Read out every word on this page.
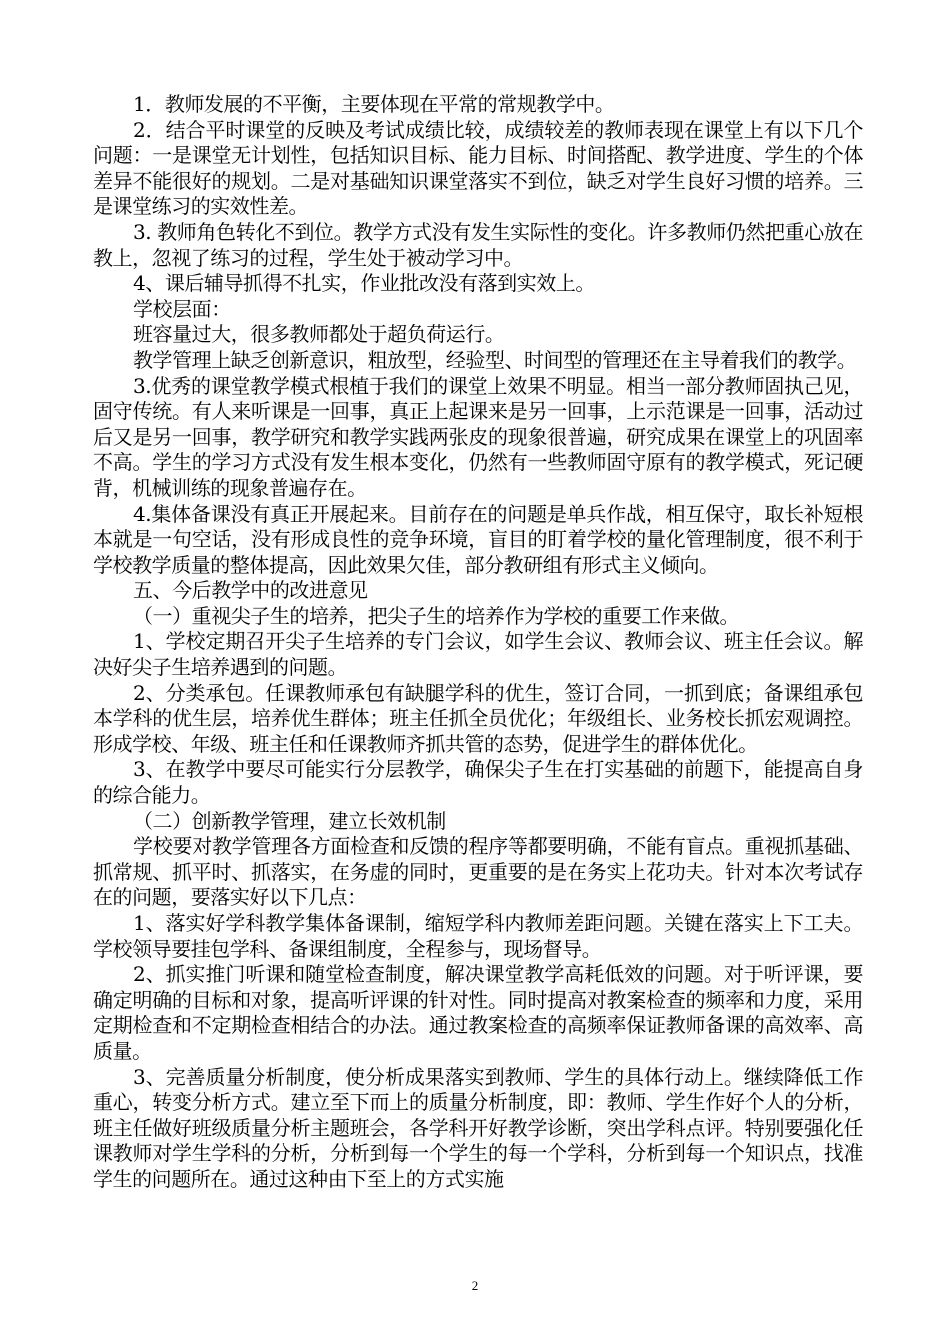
1．教师发展的不平衡，主要体现在平常的常规教学中。

2．结合平时课堂的反映及考试成绩比较，成绩较差的教师表现在课堂上有以下几个问题：一是课堂无计划性，包括知识目标、能力目标、时间搭配、教学进度、学生的个体差异不能很好的规划。二是对基础知识课堂落实不到位，缺乏对学生良好习惯的培养。三是课堂练习的实效性差。

3. 教师角色转化不到位。教学方式没有发生实际性的变化。许多教师仍然把重心放在教上，忽视了练习的过程，学生处于被动学习中。

4、课后辅导抓得不扎实，作业批改没有落到实效上。

学校层面：

班容量过大，很多教师都处于超负荷运行。

教学管理上缺乏创新意识，粗放型，经验型、时间型的管理还在主导着我们的教学。

3.优秀的课堂教学模式根植于我们的课堂上效果不明显。相当一部分教师固执己见，固守传统。有人来听课是一回事，真正上起课来是另一回事，上示范课是一回事，活动过后又是另一回事，教学研究和教学实践两张皮的现象很普遍，研究成果在课堂上的巩固率不高。学生的学习方式没有发生根本变化，仍然有一些教师固守原有的教学模式，死记硬背，机械训练的现象普遍存在。

4.集体备课没有真正开展起来。目前存在的问题是单兵作战，相互保守，取长补短根本就是一句空话，没有形成良性的竞争环境，盲目的盯着学校的量化管理制度，很不利于学校教学质量的整体提高，因此效果欠佳，部分教研组有形式主义倾向。

五、今后教学中的改进意见

（一）重视尖子生的培养，把尖子生的培养作为学校的重要工作来做。

1、学校定期召开尖子生培养的专门会议，如学生会议、教师会议、班主任会议。解决好尖子生培养遇到的问题。

2、分类承包。任课教师承包有缺腿学科的优生，签订合同，一抓到底；备课组承包本学科的优生层，培养优生群体；班主任抓全员优化；年级组长、业务校长抓宏观调控。形成学校、年级、班主任和任课教师齐抓共管的态势，促进学生的群体优化。

3、在教学中要尽可能实行分层教学，确保尖子生在打实基础的前题下，能提高自身的综合能力。

（二）创新教学管理，建立长效机制

学校要对教学管理各方面检查和反馈的程序等都要明确，不能有盲点。重视抓基础、抓常规、抓平时、抓落实，在务虚的同时，更重要的是在务实上花功夫。针对本次考试存在的问题，要落实好以下几点：

1、落实好学科教学集体备课制，缩短学科内教师差距问题。关键在落实上下工夫。学校领导要挂包学科、备课组制度，全程参与，现场督导。

2、抓实推门听课和随堂检查制度，解决课堂教学高耗低效的问题。对于听评课，要确定明确的目标和对象，提高听评课的针对性。同时提高对教案检查的频率和力度，采用定期检查和不定期检查相结合的办法。通过教案检查的高频率保证教师备课的高效率、高质量。

3、完善质量分析制度，使分析成果落实到教师、学生的具体行动上。继续降低工作重心，转变分析方式。建立至下而上的质量分析制度，即：教师、学生作好个人的分析，班主任做好班级质量分析主题班会，各学科开好教学诊断，突出学科点评。特别要强化任课教师对学生学科的分析，分析到每一个学生的每一个学科，分析到每一个知识点，找准学生的问题所在。通过这种由下至上的方式实施

2
